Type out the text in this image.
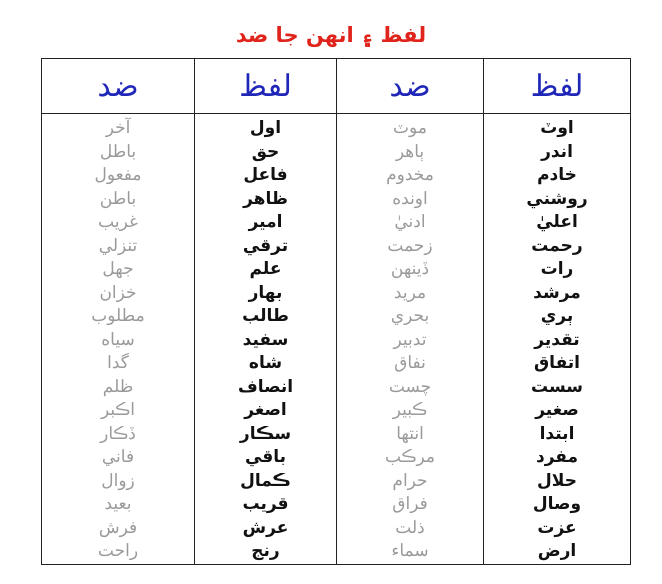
لفظ ۽ انهن جا ضد
لفظ	ضد	لفظ	ضد
اوٽ	موٽ	اول	آخر
اندر	ٻاهر	حق	باطل
خادم	مخدوم	فاعل	مفعول
روشني	اونده	ظاهر	باطن
اعليٰ	ادنيٰ	امير	غريب
رحمت	زحمت	ترقي	تنزلي
رات	ڏينهن	علم	جهل
مرشد	مريد	بهار	خزان
ٻري	بحري	طالب	مطلوب
تقدير	تدبير	سفيد	سياه
اتفاق	نفاق	شاه	گدا
سست	چست	انصاف	ظلم
صغير	ڪبير	اصغر	اڪبر
ابتدا	انتها	سڪار	ڏڪار
مفرد	مرڪب	باقي	فاني
حلال	حرام	ڪمال	زوال
وصال	فراق	قريب	بعيد
عزت	ذلت	عرش	فرش
ارض	سماء	رنج	راحت
